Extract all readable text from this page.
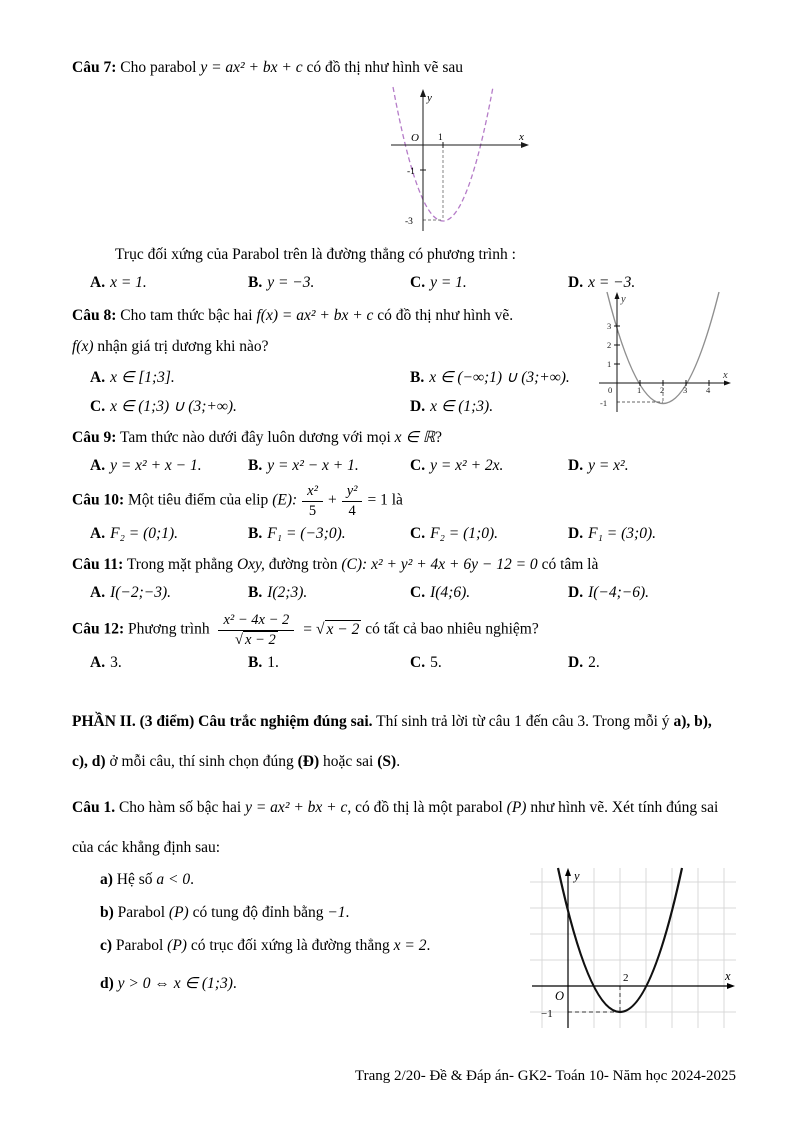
Câu 7: Cho parabol y = ax² + bx + c có đồ thị như hình vẽ sau

y
x
O 1
-1
-3

Trục đối xứng của Parabol trên là đường thẳng có phương trình :

A. x = 1.	B. y = −3.	C. y = 1.	D. x = −3.

Câu 8: Cho tam thức bậc hai f(x) = ax² + bx + c có đồ thị như hình vẽ.

f(x) nhận giá trị dương khi nào?

A. x ∈ [1;3].	B. x ∈ (−∞;1) ∪ (3;+∞).
C. x ∈ (1;3) ∪ (3;+∞).	D. x ∈ (1;3).

Câu 9: Tam thức nào dưới đây luôn dương với mọi x ∈ ℝ?

A. y = x² + x − 1.	B. y = x² − x + 1.	C. y = x² + 2x.	D. y = x².

Câu 10: Một tiêu điểm của elip (E): $\frac{\text{x²}}{5} + \frac{\text{y²}}{4} = 1$ là

A. F₂ = (0;1).	B. F₁ = (−3;0).	C. F₂ = (1;0).	D. F₁ = (3;0).

Câu 11: Trong mặt phẳng Oxy, đường tròn (C): x² + y² + 4x + 6y − 12 = 0 có tâm là

A. I(−2;−3).	B. I(2;3).	C. I(4;6).	D. I(−4;−6).

Câu 12: Phương trình $\frac{\text{x² − 4x − 2}}{√ x - 2}$ = √ x − 2 có tất cả bao nhiêu nghiệm?

A. 3.	B. 1.	C. 5.	D. 2.
PHẦN II. (3 điểm) Câu trắc nghiệm đúng sai. Thí sinh trả lời từ câu 1 đến câu 3. Trong mỗi ý a), b),
c), d) ở mỗi câu, thí sinh chọn đúng (Đ) hoặc sai (S).
Câu 1. Cho hàm số bậc hai y = ax² + bx + c, có đồ thị là một parabol (P) như hình vẽ. Xét tính đúng sai
của các khẳng định sau:

a) Hệ số a < 0.

b) Parabol (P) có tung độ đỉnh bằng −1.

c) Parabol (P) có trục đối xứng là đường thẳng x = 2.

d) y > 0 ⇔ x ∈ (1;3).

y
x
1
2
3
0	1 2 3 4
-1
y
x
O
2
−1
Trang 2/20- Đề & Đáp án- GK2- Toán 10- Năm học 2024-2025
